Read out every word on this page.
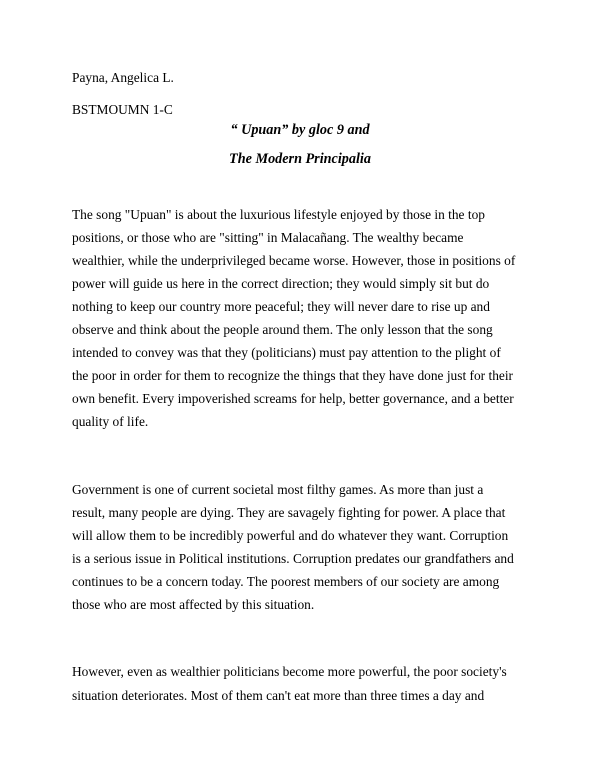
Payna, Angelica L.

BSTMOUMN 1-C

“ Upuan” by gloc 9 and

The Modern Principalia

The song "Upuan" is about the luxurious lifestyle enjoyed by those in the top

positions, or those who are "sitting" in Malacañang. The wealthy became

wealthier, while the underprivileged became worse. However, those in positions of

power will guide us here in the correct direction; they would simply sit but do

nothing to keep our country more peaceful; they will never dare to rise up and

observe and think about the people around them. The only lesson that the song

intended to convey was that they (politicians) must pay attention to the plight of

the poor in order for them to recognize the things that they have done just for their

own benefit. Every impoverished screams for help, better governance, and a better

quality of life.

Government is one of current societal most filthy games. As more than just a

result, many people are dying. They are savagely fighting for power. A place that

will allow them to be incredibly powerful and do whatever they want. Corruption

is a serious issue in Political institutions. Corruption predates our grandfathers and

continues to be a concern today. The poorest members of our society are among

those who are most affected by this situation.

However, even as wealthier politicians become more powerful, the poor society's

situation deteriorates. Most of them can't eat more than three times a day and
